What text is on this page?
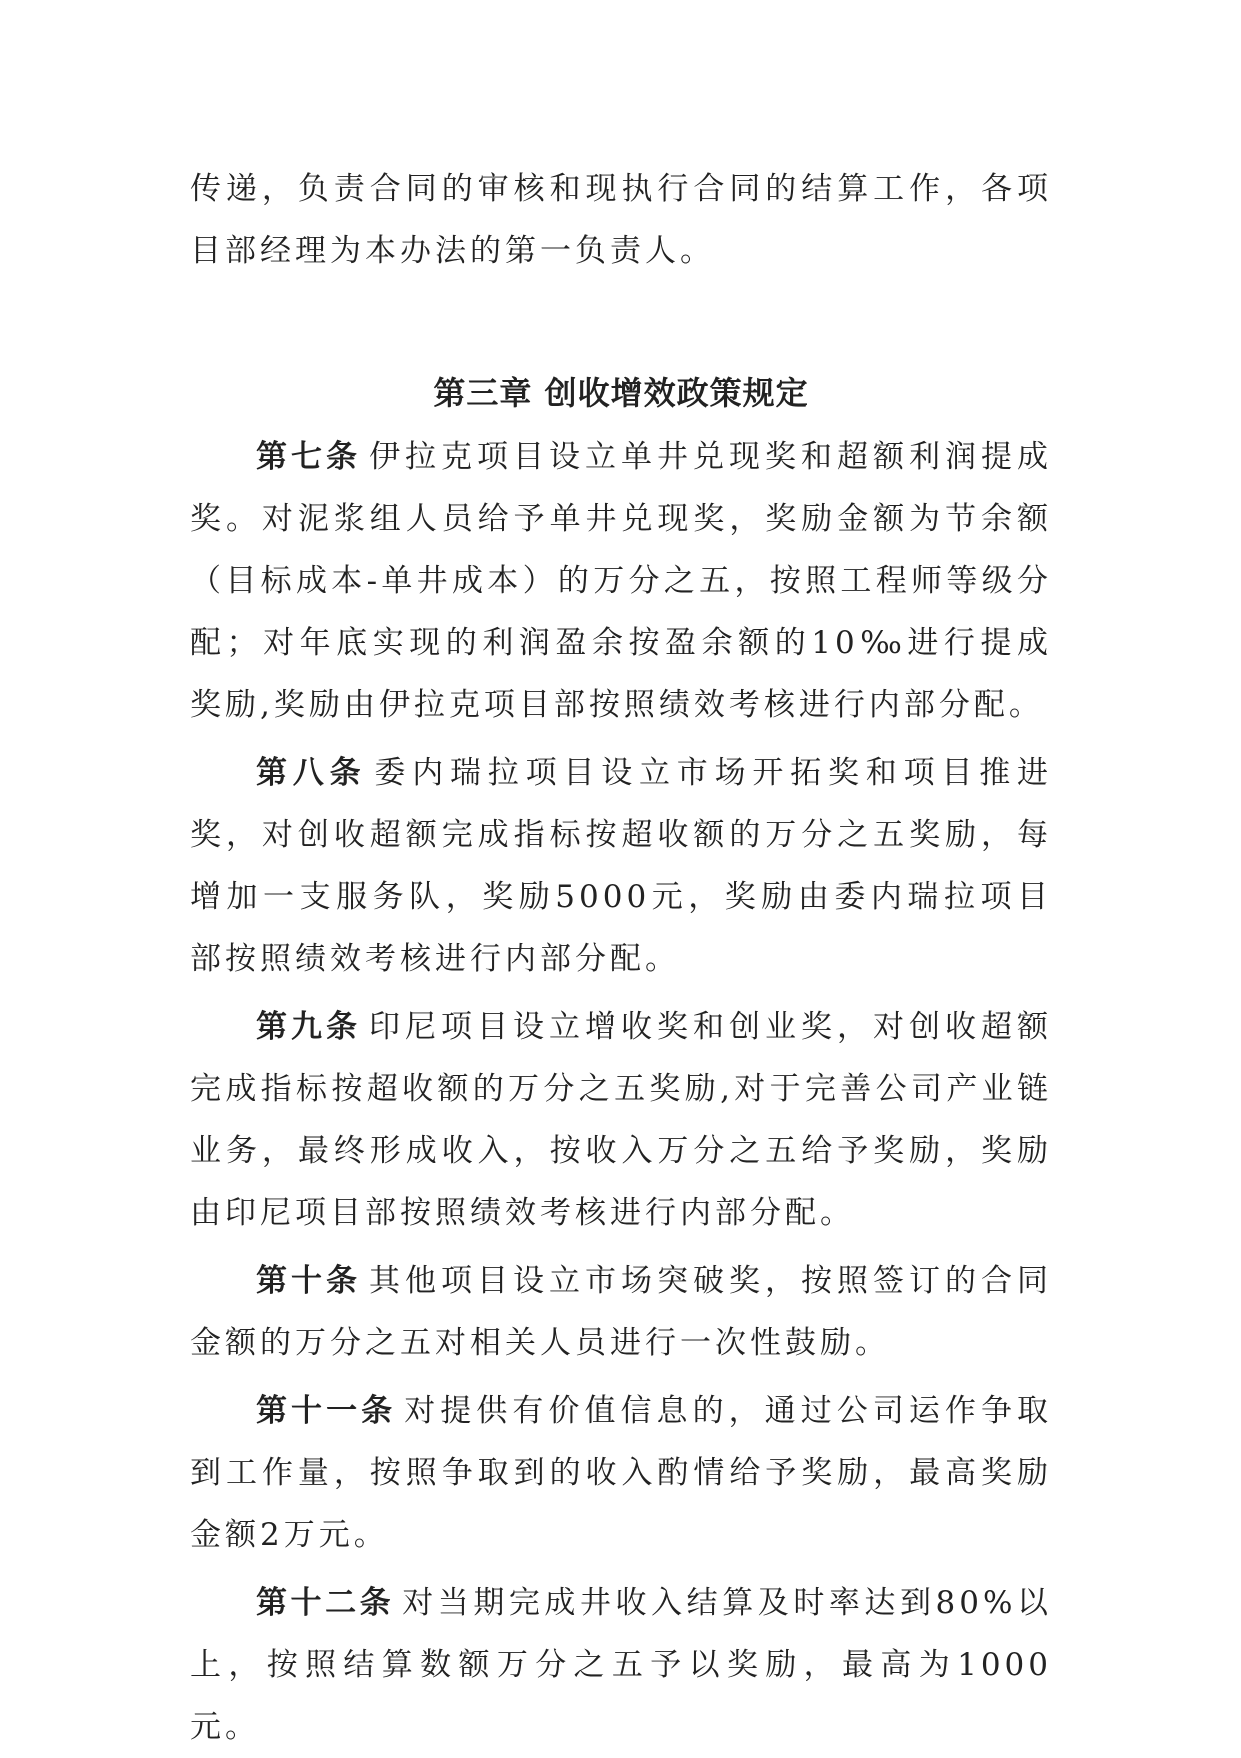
传递，负责合同的审核和现执行合同的结算工作，各项目部经理为本办法的第一负责人。

第三章 创收增效政策规定

第七条 伊拉克项目设立单井兑现奖和超额利润提成奖。对泥浆组人员给予单井兑现奖，奖励金额为节余额（目标成本-单井成本）的万分之五，按照工程师等级分配；对年底实现的利润盈余按盈余额的10‰进行提成奖励,奖励由伊拉克项目部按照绩效考核进行内部分配。

第八条 委内瑞拉项目设立市场开拓奖和项目推进奖，对创收超额完成指标按超收额的万分之五奖励，每增加一支服务队，奖励5000元，奖励由委内瑞拉项目部按照绩效考核进行内部分配。

第九条 印尼项目设立增收奖和创业奖，对创收超额完成指标按超收额的万分之五奖励,对于完善公司产业链业务，最终形成收入，按收入万分之五给予奖励，奖励由印尼项目部按照绩效考核进行内部分配。

第十条 其他项目设立市场突破奖，按照签订的合同金额的万分之五对相关人员进行一次性鼓励。

第十一条 对提供有价值信息的，通过公司运作争取到工作量，按照争取到的收入酌情给予奖励，最高奖励金额2万元。

第十二条 对当期完成井收入结算及时率达到80%以上，按照结算数额万分之五予以奖励，最高为1000元。
